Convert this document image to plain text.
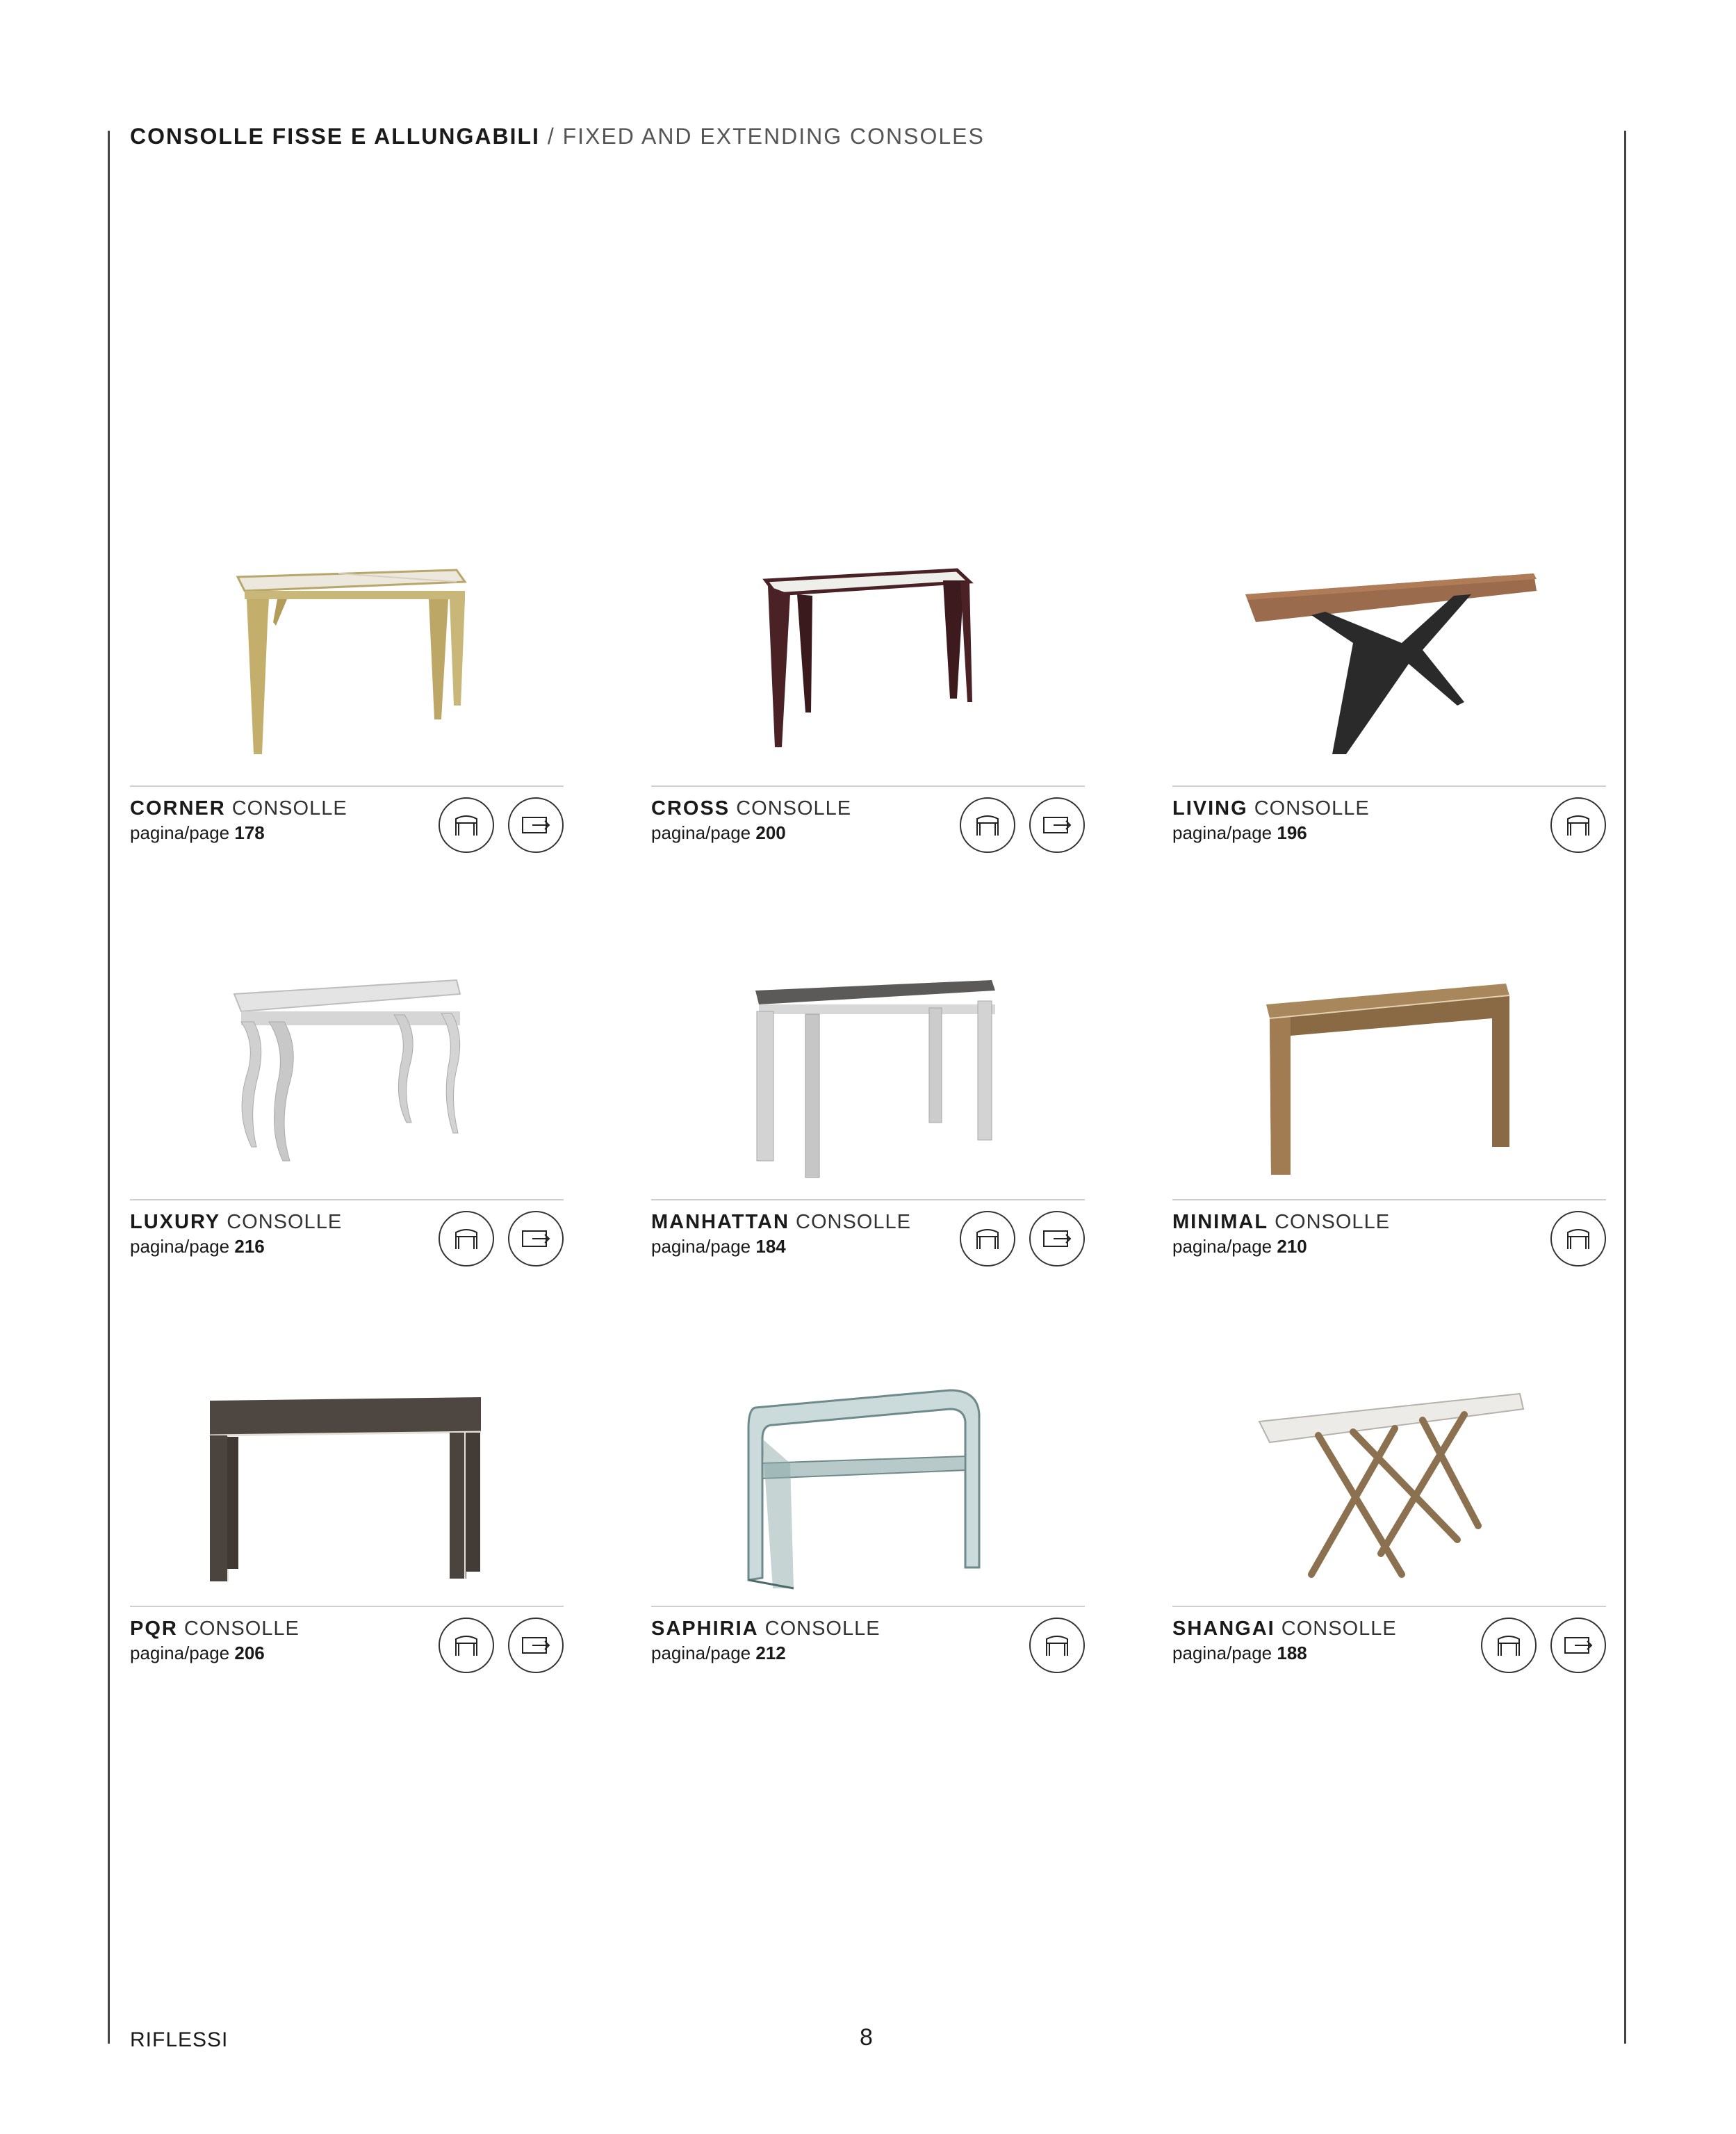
CONSOLLE FISSE E ALLUNGABILI / FIXED AND EXTENDING CONSOLES
CORNER CONSOLLE
pagina/page 178
CROSS CONSOLLE
pagina/page 200
LIVING CONSOLLE
pagina/page 196
LUXURY CONSOLLE
pagina/page 216
MANHATTAN CONSOLLE
pagina/page 184
MINIMAL CONSOLLE
pagina/page 210
PQR CONSOLLE
pagina/page 206
SAPHIRIA CONSOLLE
pagina/page 212
SHANGAI CONSOLLE
pagina/page 188
RIFLESSI	8
